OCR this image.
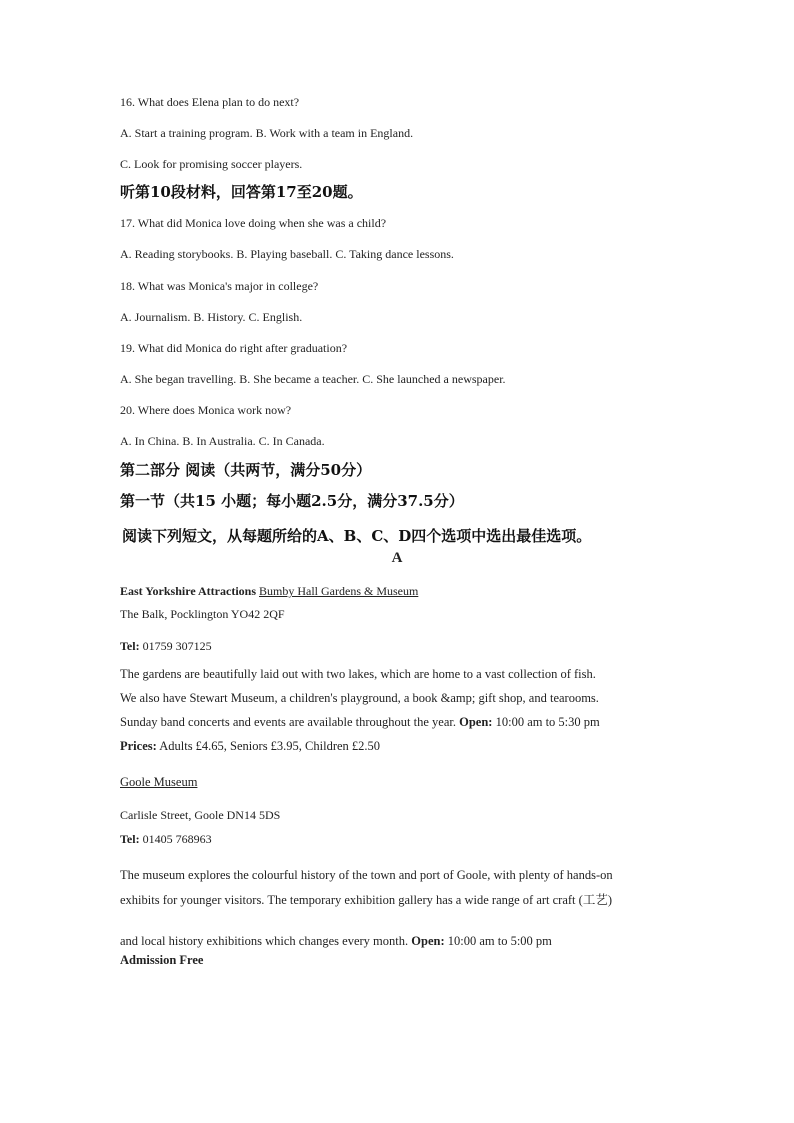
16. What does Elena plan to do next?
A. Start a training program. B. Work with a team in England.
C. Look for promising soccer players.
听第10段材料，回答第17至20题。
17. What did Monica love doing when she was a child?
A. Reading storybooks. B. Playing baseball. C. Taking dance lessons.
18. What was Monica's major in college?
A. Journalism. B. History. C. English.
19. What did Monica do right after graduation?
A. She began travelling. B. She became a teacher. C. She launched a newspaper.
20. Where does Monica work now?
A. In China. B. In Australia. C. In Canada.
第二部分 阅读（共两节，满分50分）
第一节（共15 小题；每小题2.5分，满分37.5分）
阅读下列短文，从每题所给的A、B、C、D四个选项中选出最佳选项。
A
East Yorkshire Attractions Bumby Hall Gardens & Museum
The Balk, Pocklington YO42 2QF
Tel: 01759 307125
The gardens are beautifully laid out with two lakes, which are home to a vast collection of fish.
We also have Stewart Museum, a children's playground, a book &amp; gift shop, and tearooms.
Sunday band concerts and events are available throughout the year. Open: 10:00 am to 5:30 pm
Prices: Adults £4.65, Seniors £3.95, Children £2.50
Goole Museum
Carlisle Street, Goole DN14 5DS
Tel: 01405 768963
The museum explores the colourful history of the town and port of Goole, with plenty of hands-on
exhibits for younger visitors. The temporary exhibition gallery has a wide range of art craft (工艺)
and local history exhibitions which changes every month. Open: 10:00 am to 5:00 pm
Admission Free
